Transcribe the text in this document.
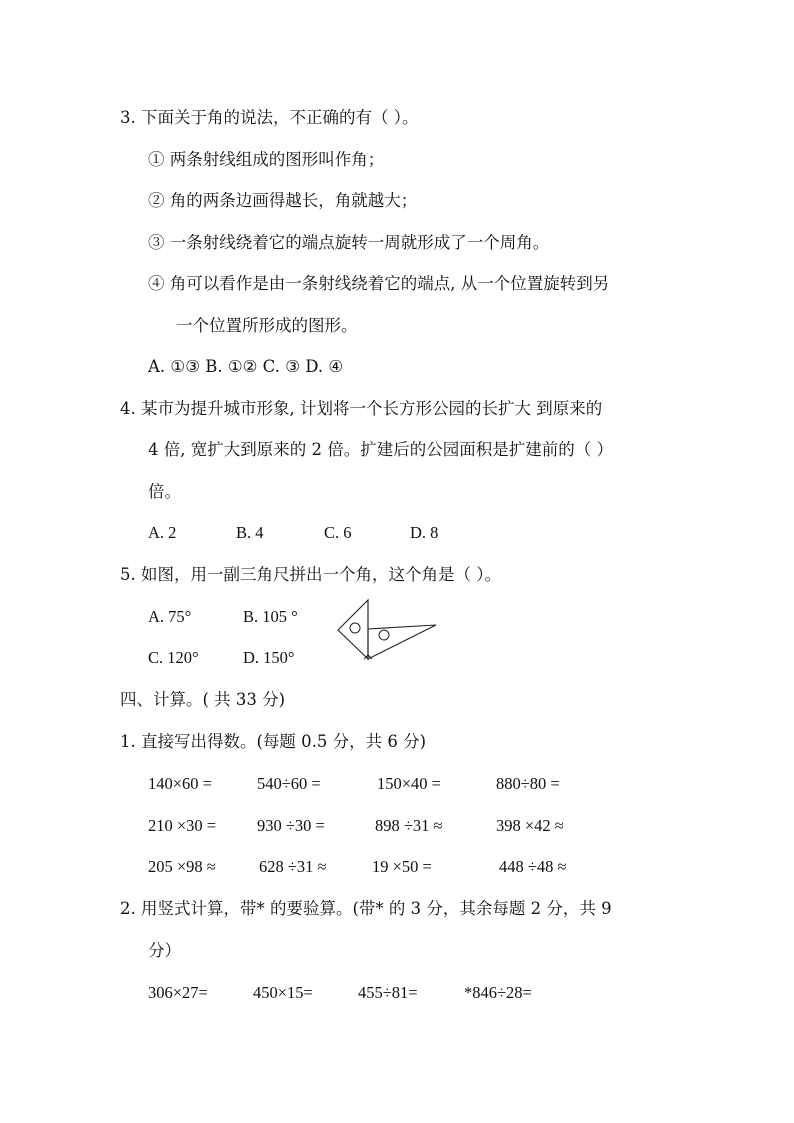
3. 下面关于角的说法，不正确的有（ ）。
① 两条射线组成的图形叫作角；
② 角的两条边画得越长，角就越大；
③ 一条射线绕着它的端点旋转一周就形成了一个周角。
④ 角可以看作是由一条射线绕着它的端点, 从一个位置旋转到另
一个位置所形成的图形。
A. ①③ B. ①② C. ③ D. ④
4. 某市为提升城市形象, 计划将一个长方形公园的长扩大 到原来的
4 倍, 宽扩大到原来的 2 倍。扩建后的公园面积是扩建前的（ ）
倍。
A. 2	B. 4	C. 6	D. 8
5. 如图，用一副三角尺拼出一个角，这个角是（ ）。
A. 75°	B. 105 °
C. 120°	D. 150°
四、计算。( 共 33 分)
1. 直接写出得数。(每题 0.5 分，共 6 分)
140×60 =	540÷60 =	150×40 =	880÷80 =
210 ×30 = 930 ÷30 =	898 ÷31 ≈	398 ×42 ≈
205 ×98 ≈	628 ÷31 ≈	19 ×50 =	448 ÷48 ≈
2. 用竖式计算，带* 的要验算。(带* 的 3 分，其余每题 2 分，共 9
分）
306×27=	450×15=	455÷81=	*846÷28=
